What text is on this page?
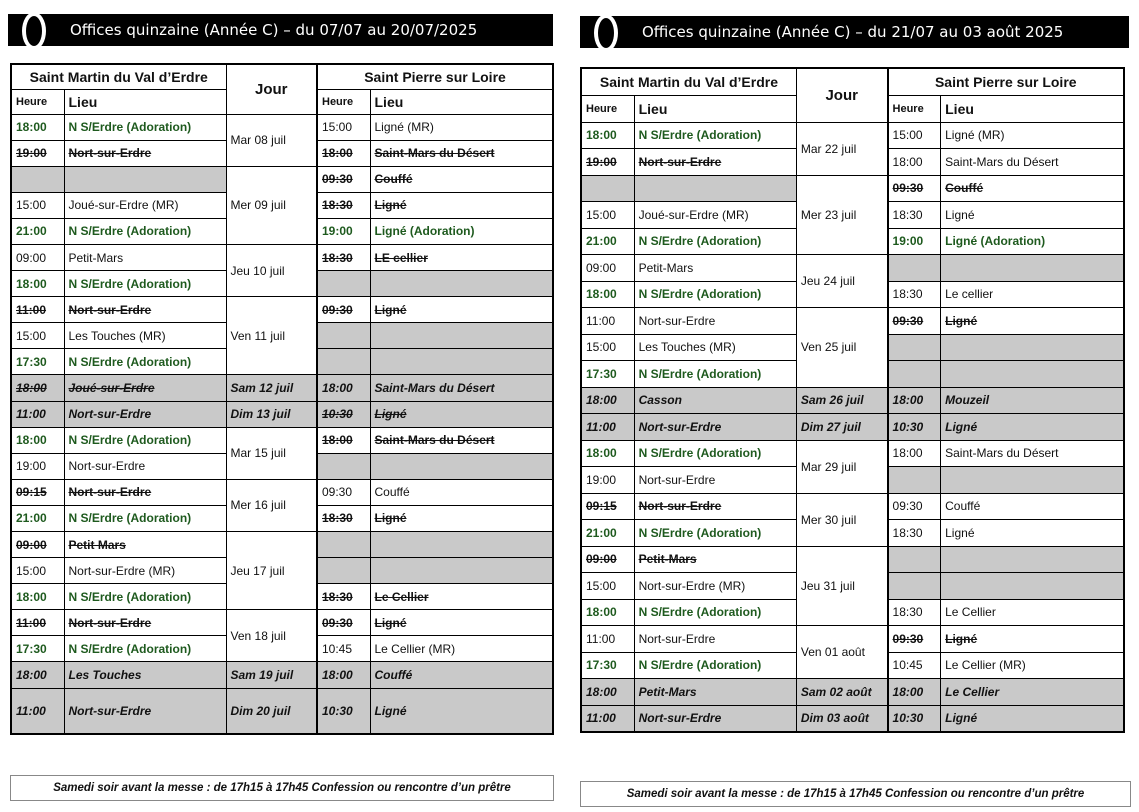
Offices quinzaine (Année C) – du 07/07 au 20/07/2025
Saint Martin du Val d’Erdre		Jour	Saint Pierre sur Loire	
Heure	Lieu		Heure	Lieu
18:00	N S/Erdre (Adoration)	Mar 08 juil	15:00	Ligné (MR)
19:00	Nort-sur-Erdre		18:00	Saint-Mars du Désert
		Mer 09 juil	09:30	Couffé
15:00	Joué-sur-Erdre (MR)		18:30	Ligné
21:00	N S/Erdre (Adoration)		19:00	Ligné (Adoration)
09:00	Petit-Mars	Jeu 10 juil	18:30	LE cellier
18:00	N S/Erdre (Adoration)			
11:00	Nort-sur-Erdre	Ven 11 juil	09:30	Ligné
15:00	Les Touches (MR)			
17:30	N S/Erdre (Adoration)			
18:00	Joué-sur-Erdre	Sam 12 juil	18:00	Saint-Mars du Désert
11:00	Nort-sur-Erdre	Dim 13 juil	10:30	Ligné
18:00	N S/Erdre (Adoration)	Mar 15 juil	18:00	Saint-Mars du Désert
19:00	Nort-sur-Erdre			
09:15	Nort-sur-Erdre	Mer 16 juil	09:30	Couffé
21:00	N S/Erdre (Adoration)		18:30	Ligné
09:00	Petit Mars	Jeu 17 juil		
15:00	Nort-sur-Erdre (MR)			
18:00	N S/Erdre (Adoration)		18:30	Le Cellier
11:00	Nort-sur-Erdre	Ven 18 juil	09:30	Ligné
17:30	N S/Erdre (Adoration)		10:45	Le Cellier (MR)
18:00	Les Touches	Sam 19 juil	18:00	Couffé
11:00	Nort-sur-Erdre	Dim 20 juil	10:30	Ligné
Samedi soir avant la messe : de 17h15 à 17h45 Confession ou rencontre d’un prêtre
Offices quinzaine (Année C) – du 21/07 au 03 août 2025
Saint Martin du Val d’Erdre		Jour	Saint Pierre sur Loire	
Heure	Lieu		Heure	Lieu
18:00	N S/Erdre (Adoration)	Mar 22 juil	15:00	Ligné (MR)
19:00	Nort-sur-Erdre		18:00	Saint-Mars du Désert
		Mer 23 juil	09:30	Couffé
15:00	Joué-sur-Erdre (MR)		18:30	Ligné
21:00	N S/Erdre (Adoration)		19:00	Ligné (Adoration)
09:00	Petit-Mars	Jeu 24 juil		
18:00	N S/Erdre (Adoration)		18:30	Le cellier
11:00	Nort-sur-Erdre	Ven 25 juil	09:30	Ligné
15:00	Les Touches (MR)			
17:30	N S/Erdre (Adoration)			
18:00	Casson	Sam 26 juil	18:00	Mouzeil
11:00	Nort-sur-Erdre	Dim 27 juil	10:30	Ligné
18:00	N S/Erdre (Adoration)	Mar 29 juil	18:00	Saint-Mars du Désert
19:00	Nort-sur-Erdre			
09:15	Nort-sur-Erdre	Mer 30 juil	09:30	Couffé
21:00	N S/Erdre (Adoration)		18:30	Ligné
09:00	Petit-Mars	Jeu 31 juil		
15:00	Nort-sur-Erdre (MR)			
18:00	N S/Erdre (Adoration)		18:30	Le Cellier
11:00	Nort-sur-Erdre	Ven 01 août	09:30	Ligné
17:30	N S/Erdre (Adoration)		10:45	Le Cellier (MR)
18:00	Petit-Mars	Sam 02 août	18:00	Le Cellier
11:00	Nort-sur-Erdre	Dim 03 août	10:30	Ligné
Samedi soir avant la messe : de 17h15 à 17h45 Confession ou rencontre d’un prêtre
